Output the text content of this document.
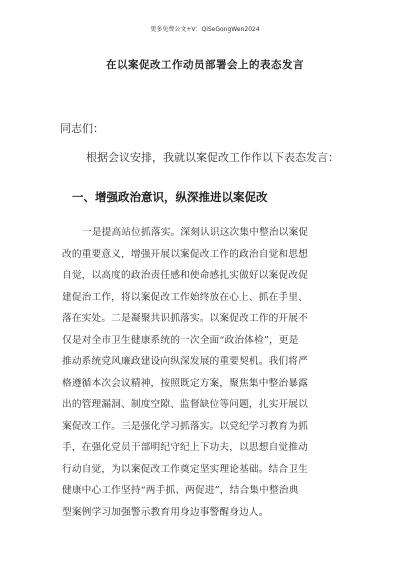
更多免费公文+V：QiSeGongWen2024
在以案促改工作动员部署会上的表态发言
同志们：
根据会议安排，我就以案促改工作作以下表态发言：
一、增强政治意识，纵深推进以案促改
一是提高站位抓落实。深刻认识这次集中整治以案促
改的重要意义，增强开展以案促改工作的政治自觉和思想
自觉，以高度的政治责任感和使命感扎实做好以案促改促
建促治工作，将以案促改工作始终放在心上、抓在手里、
落在实处。二是凝聚共识抓落实。以案促改工作的开展不
仅是对全市卫生健康系统的一次全面“政治体检”，更是
推动系统党风廉政建设向纵深发展的重要契机。我们将严
格遵循本次会议精神，按照既定方案，聚焦集中整治暴露
出的管理漏洞、制度空隙、监督缺位等问题，扎实开展以
案促改工作。三是强化学习抓落实。以党纪学习教育为抓
手，在强化党员干部明纪守纪上下功夫，以思想自觉推动
行动自觉，为以案促改工作奠定坚实理论基础。结合卫生
健康中心工作坚持“两手抓、两促进”，结合集中整治典
型案例学习加强警示教育用身边事警醒身边人。
